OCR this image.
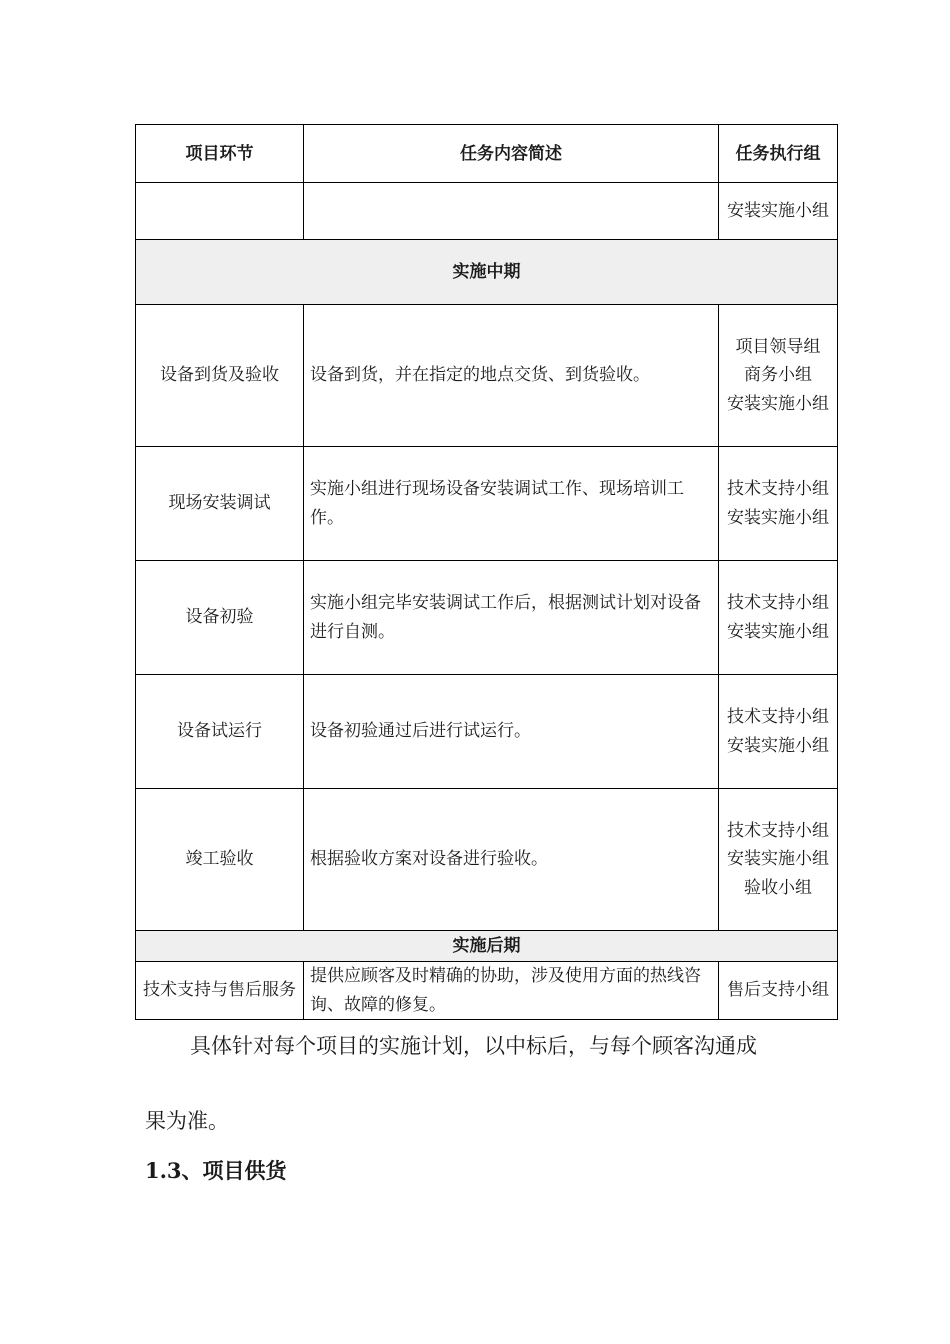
项目环节	任务内容简述	任务执行组

		安装实施小组

实施中期		
设备到货及验收	设备到货，并在指定的地点交货、到货验收。	项目领导组
商务小组
安装实施小组

现场安装调试	实施小组进行现场设备安装调试工作、现场培训工作。	技术支持小组
安装实施小组

设备初验	实施小组完毕安装调试工作后，根据测试计划对设备进行自测。	技术支持小组
安装实施小组

设备试运行	设备初验通过后进行试运行。	技术支持小组
安装实施小组

竣工验收	根据验收方案对设备进行验收。	技术支持小组
安装实施小组
验收小组

实施后期		
技术支持与售后服务	提供应顾客及时精确的协助，涉及使用方面的热线咨询、故障的修复。	售后支持小组

具体针对每个项目的实施计划，以中标后，与每个顾客沟通成

果为准。

1.3、项目供货
